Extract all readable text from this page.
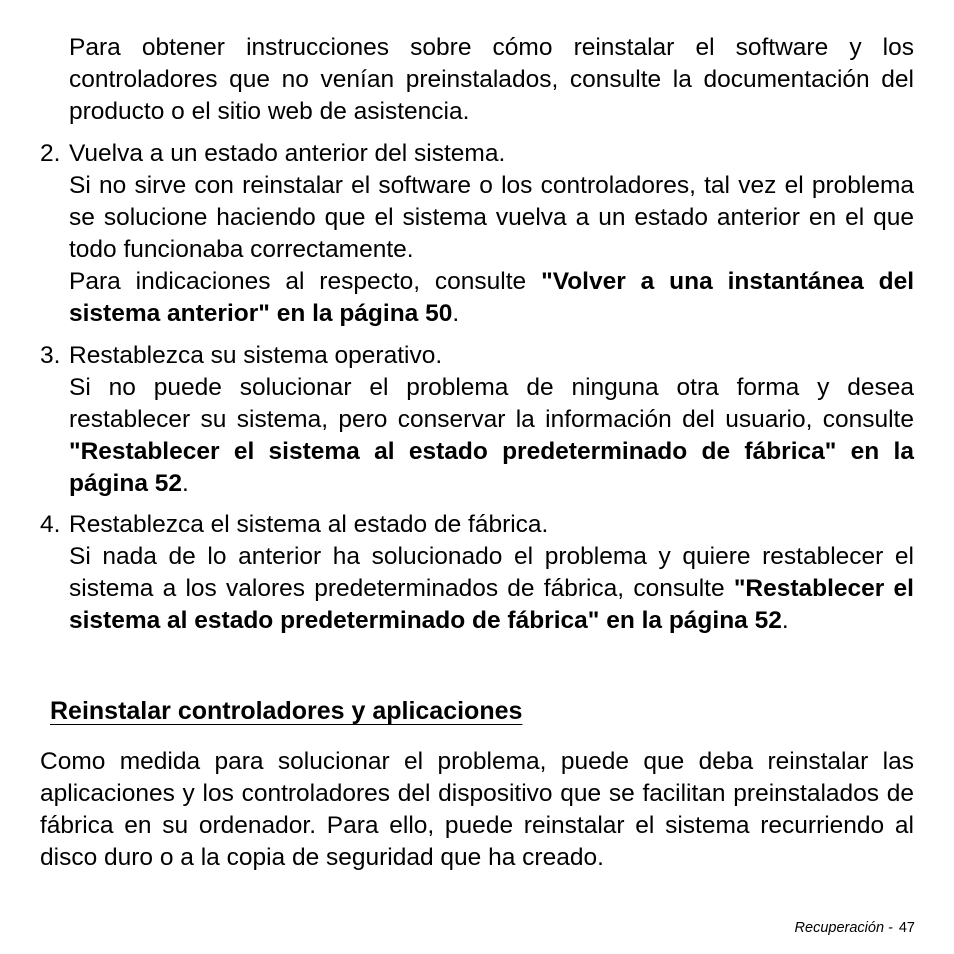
Para obtener instrucciones sobre cómo reinstalar el software y los controladores que no venían preinstalados, consulte la documentación del producto o el sitio web de asistencia.

2. Vuelva a un estado anterior del sistema.

Si no sirve con reinstalar el software o los controladores, tal vez el problema se solucione haciendo que el sistema vuelva a un estado anterior en el que todo funcionaba correctamente.

Para indicaciones al respecto, consulte "Volver a una instantánea del sistema anterior" en la página 50.

3. Restablezca su sistema operativo.

Si no puede solucionar el problema de ninguna otra forma y desea restablecer su sistema, pero conservar la información del usuario, consulte "Restablecer el sistema al estado predeterminado de fábrica" en la página 52.

4. Restablezca el sistema al estado de fábrica.

Si nada de lo anterior ha solucionado el problema y quiere restablecer el sistema a los valores predeterminados de fábrica, consulte "Restablecer el sistema al estado predeterminado de fábrica" en la página 52.

Reinstalar controladores y aplicaciones

Como medida para solucionar el problema, puede que deba reinstalar las aplicaciones y los controladores del dispositivo que se facilitan preinstalados de fábrica en su ordenador. Para ello, puede reinstalar el sistema recurriendo al disco duro o a la copia de seguridad que ha creado.

Recuperación - 47
